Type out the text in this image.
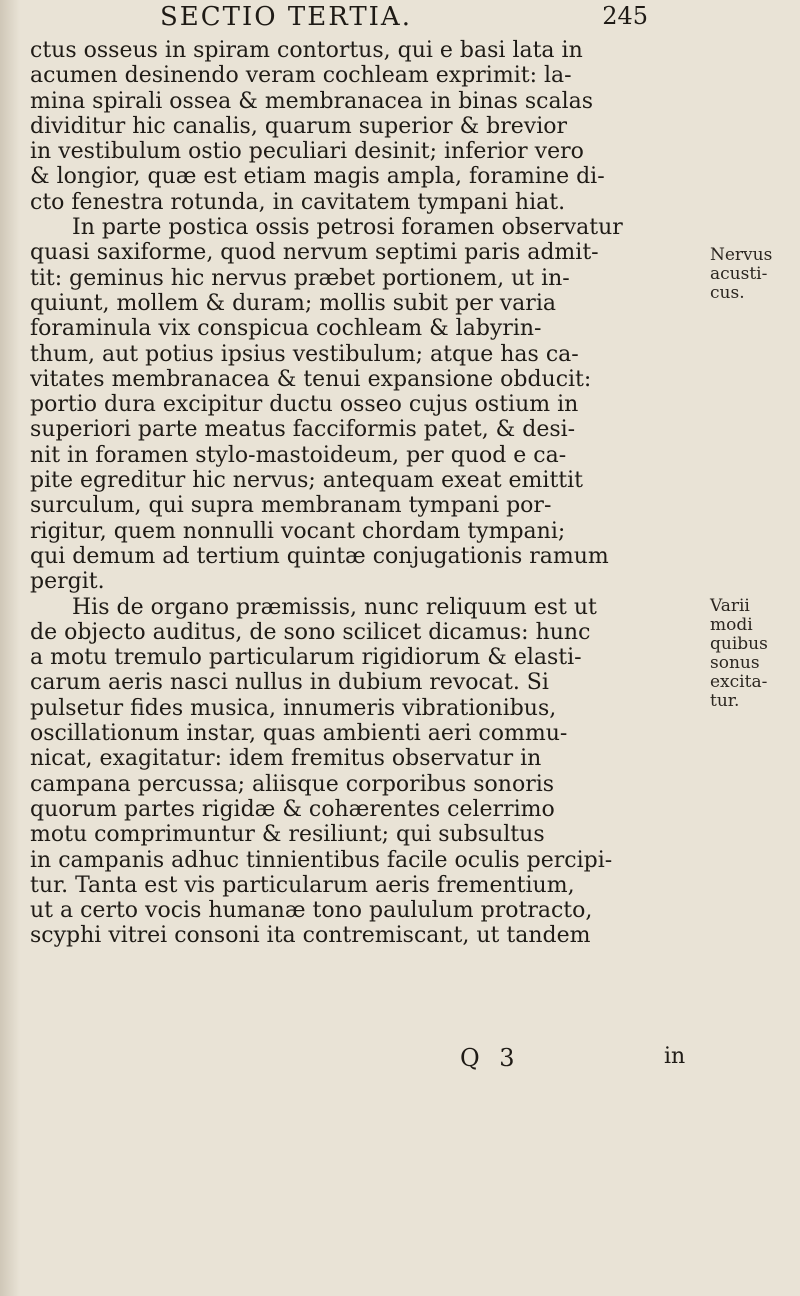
SECTIO TERTIA.	245
ctus osseus in spiram contortus, qui e basi lata in
acumen desinendo veram cochleam exprimit: la-
mina spirali ossea & membranacea in binas scalas
dividitur hic canalis, quarum superior & brevior
in vestibulum ostio peculiari desinit; inferior vero
& longior, quæ est etiam magis ampla, foramine di-
cto fenestra rotunda, in cavitatem tympani hiat.
In parte postica ossis petrosi foramen observatur
quasi saxiforme, quod nervum septimi paris admit-
tit: geminus hic nervus præbet portionem, ut in-
quiunt, mollem & duram; mollis subit per varia
foraminula vix conspicua cochleam & labyrin-
thum, aut potius ipsius vestibulum; atque has ca-
vitates membranacea & tenui expansione obducit:
portio dura excipitur ductu osseo cujus ostium in
superiori parte meatus facciformis patet, & desi-
nit in foramen stylo-mastoideum, per quod e ca-
pite egreditur hic nervus; antequam exeat emittit
surculum, qui supra membranam tympani por-
rigitur, quem nonnulli vocant chordam tympani;
qui demum ad tertium quintæ conjugationis ramum
pergit.
His de organo præmissis, nunc reliquum est ut
de objecto auditus, de sono scilicet dicamus: hunc
a motu tremulo particularum rigidiorum & elasti-
carum aeris nasci nullus in dubium revocat. Si
pulsetur fides musica, innumeris vibrationibus,
oscillationum instar, quas ambienti aeri commu-
nicat, exagitatur: idem fremitus observatur in
campana percussa; aliisque corporibus sonoris
quorum partes rigidæ & cohærentes celerrimo
motu comprimuntur & resiliunt; qui subsultus
in campanis adhuc tinnientibus facile oculis percipi-
tur. Tanta est vis particularum aeris frementium,
ut a certo vocis humanæ tono paululum protracto,
scyphi vitrei consoni ita contremiscant, ut tandem
Nervus
acusti-
cus.
Varii
modi
quibus
sonus
excita-
tur.
Q 3	in
